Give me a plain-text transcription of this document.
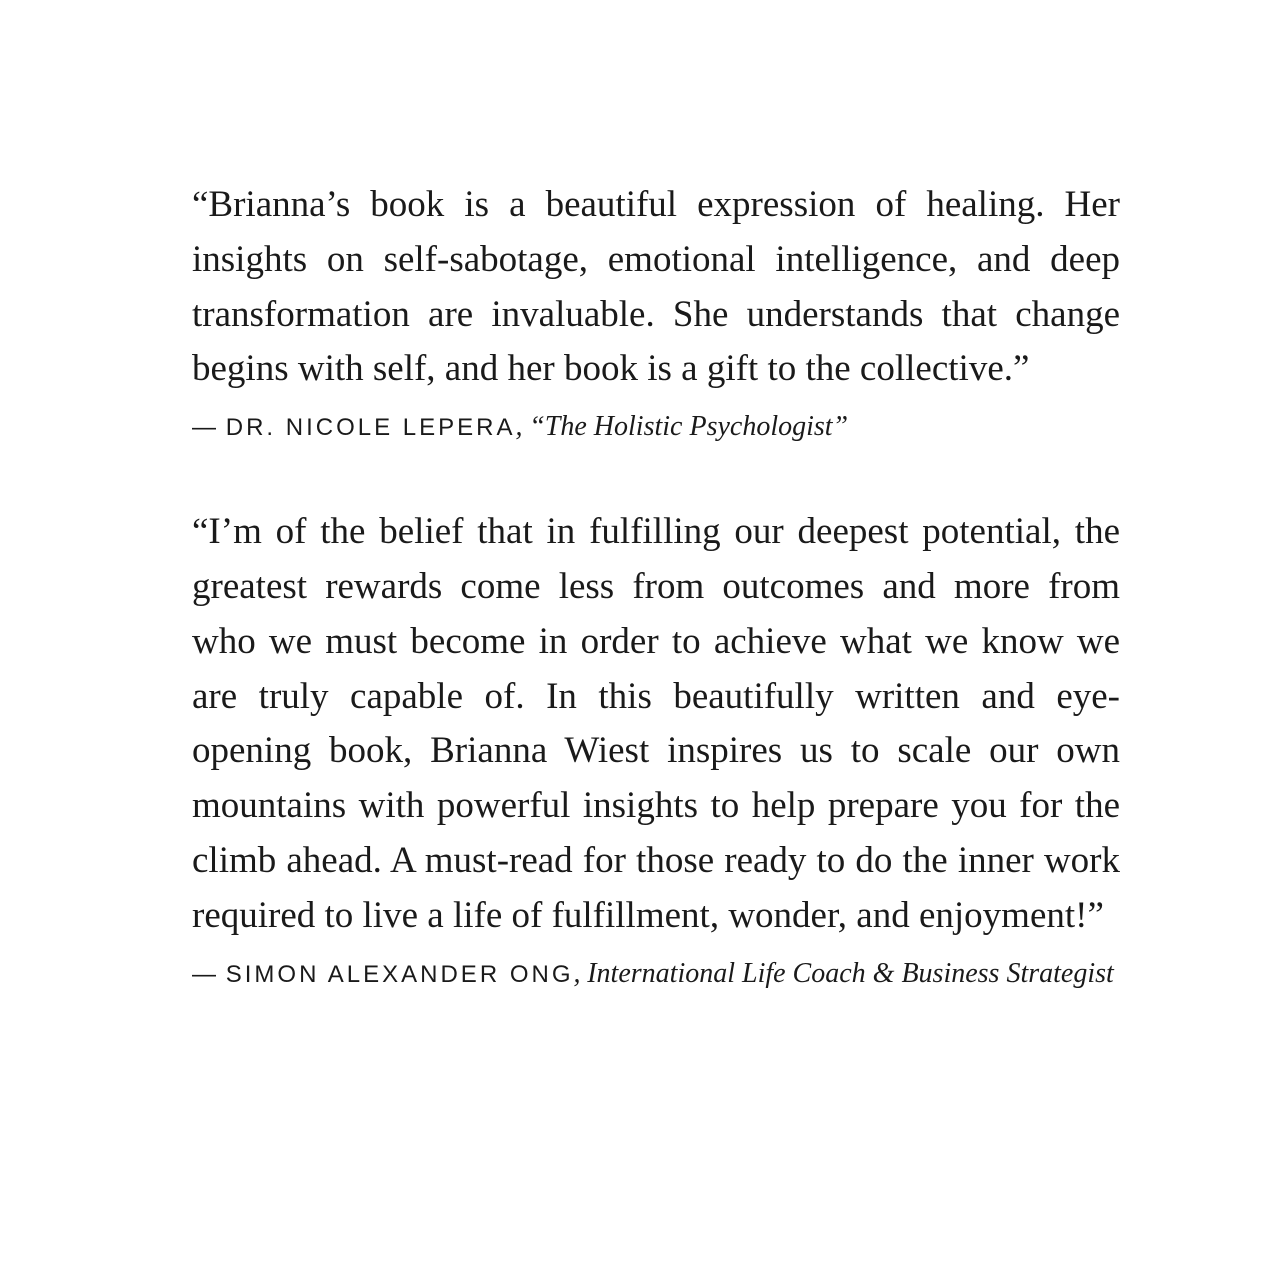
“Brianna’s book is a beautiful expression of healing. Her insights on self-sabotage, emotional intelligence, and deep transformation are invaluable. She understands that change begins with self, and her book is a gift to the collective.”

— DR. NICOLE LEPERA, “The Holistic Psychologist”

“I’m of the belief that in fulfilling our deepest potential, the greatest rewards come less from outcomes and more from who we must become in order to achieve what we know we are truly capable of. In this beautifully written and eye-opening book, Brianna Wiest inspires us to scale our own mountains with powerful insights to help prepare you for the climb ahead. A must-read for those ready to do the inner work required to live a life of fulfillment, wonder, and enjoyment!”

— SIMON ALEXANDER ONG, International Life Coach & Business Strategist
